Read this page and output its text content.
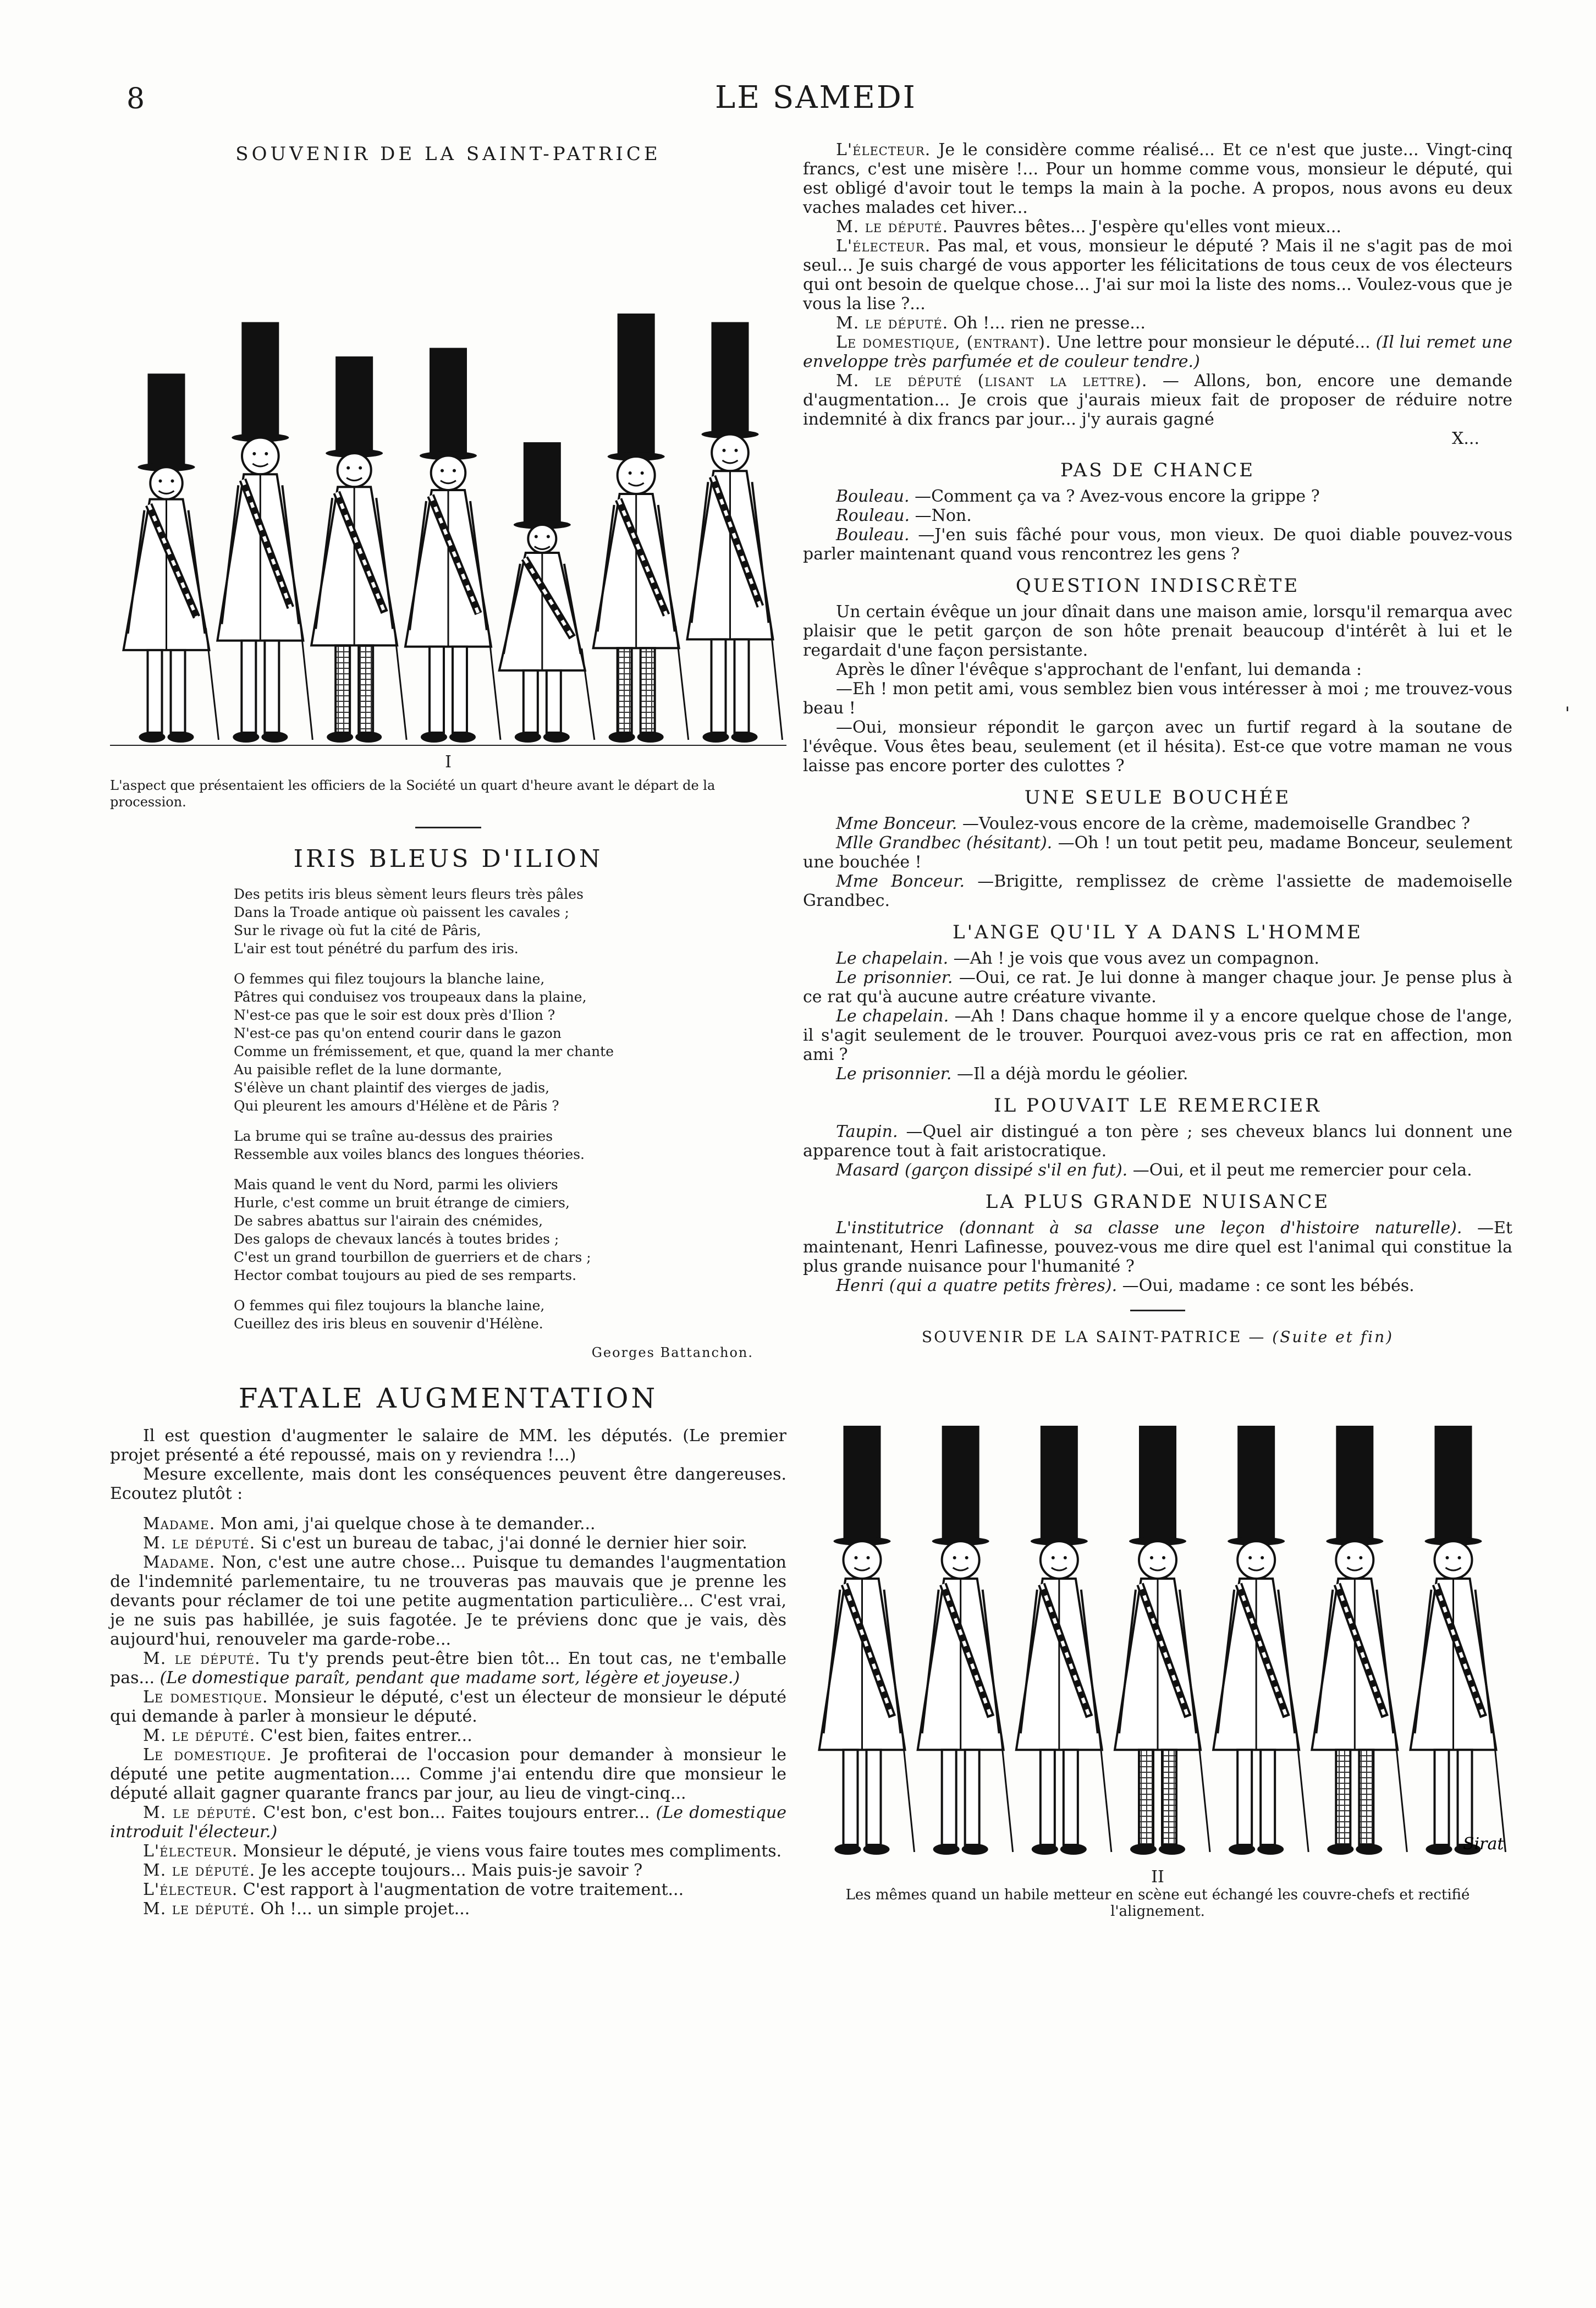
8	LE SAMEDI
SOUVENIR DE LA SAINT-PATRICE
I
L'aspect que présentaient les officiers de la Société un quart d'heure avant le départ de la procession.
IRIS BLEUS D'ILION

Des petits iris bleus sèment leurs fleurs très pâles
Dans la Troade antique où paissent les cavales ;
Sur le rivage où fut la cité de Pâris,
L'air est tout pénétré du parfum des iris.

O femmes qui filez toujours la blanche laine,
Pâtres qui conduisez vos troupeaux dans la plaine,
N'est-ce pas que le soir est doux près d'Ilion ?
N'est-ce pas qu'on entend courir dans le gazon
Comme un frémissement, et que, quand la mer chante
Au paisible reflet de la lune dormante,
S'élève un chant plaintif des vierges de jadis,
Qui pleurent les amours d'Hélène et de Pâris ?

La brume qui se traîne au-dessus des prairies
Ressemble aux voiles blancs des longues théories.

Mais quand le vent du Nord, parmi les oliviers
Hurle, c'est comme un bruit étrange de cimiers,
De sabres abattus sur l'airain des cnémides,
Des galops de chevaux lancés à toutes brides ;
C'est un grand tourbillon de guerriers et de chars ;
Hector combat toujours au pied de ses remparts.

O femmes qui filez toujours la blanche laine,
Cueillez des iris bleus en souvenir d'Hélène.

Georges Battanchon.
FATALE AUGMENTATION

Il est question d'augmenter le salaire de MM. les députés. (Le premier projet présenté a été repoussé, mais on y reviendra !...)

Mesure excellente, mais dont les conséquences peuvent être dangereuses. Ecoutez plutôt :

Madame. Mon ami, j'ai quelque chose à te demander...

M. le député. Si c'est un bureau de tabac, j'ai donné le dernier hier soir.

Madame. Non, c'est une autre chose... Puisque tu demandes l'augmentation de l'indemnité parlementaire, tu ne trouveras pas mauvais que je prenne les devants pour réclamer de toi une petite augmentation particulière... C'est vrai, je ne suis pas habillée, je suis fagotée. Je te préviens donc que je vais, dès aujourd'hui, renouveler ma garde-robe...

M. le député. Tu t'y prends peut-être bien tôt... En tout cas, ne t'emballe pas... (Le domestique paraît, pendant que madame sort, légère et joyeuse.)

Le domestique. Monsieur le député, c'est un électeur de monsieur le député qui demande à parler à monsieur le député.

M. le député. C'est bien, faites entrer...

Le domestique. Je profiterai de l'occasion pour demander à monsieur le député une petite augmentation.... Comme j'ai entendu dire que monsieur le député allait gagner quarante francs par jour, au lieu de vingt-cinq...

M. le député. C'est bon, c'est bon... Faites toujours entrer... (Le domestique introduit l'électeur.)

L'électeur. Monsieur le député, je viens vous faire toutes mes compliments.

M. le député. Je les accepte toujours... Mais puis-je savoir ?

L'électeur. C'est rapport à l'augmentation de votre traitement...

M. le député. Oh !... un simple projet...

L'électeur. Je le considère comme réalisé... Et ce n'est que juste... Vingt-cinq francs, c'est une misère !... Pour un homme comme vous, monsieur le député, qui est obligé d'avoir tout le temps la main à la poche. A propos, nous avons eu deux vaches malades cet hiver...

M. le député. Pauvres bêtes... J'espère qu'elles vont mieux...

L'électeur. Pas mal, et vous, monsieur le député ? Mais il ne s'agit pas de moi seul... Je suis chargé de vous apporter les félicitations de tous ceux de vos électeurs qui ont besoin de quelque chose... J'ai sur moi la liste des noms... Voulez-vous que je vous la lise ?...

M. le député. Oh !... rien ne presse...

Le domestique, (entrant). Une lettre pour monsieur le député... (Il lui remet une enveloppe très parfumée et de couleur tendre.)

M. le député (lisant la lettre). — Allons, bon, encore une demande d'augmentation... Je crois que j'aurais mieux fait de proposer de réduire notre indemnité à dix francs par jour... j'y aurais gagné

X...
PAS DE CHANCE

Bouleau. —Comment ça va ? Avez-vous encore la grippe ?

Rouleau. —Non.

Bouleau. —J'en suis fâché pour vous, mon vieux. De quoi diable pouvez-vous parler maintenant quand vous rencontrez les gens ?

QUESTION INDISCRÈTE

Un certain évêque un jour dînait dans une maison amie, lorsqu'il remarqua avec plaisir que le petit garçon de son hôte prenait beaucoup d'intérêt à lui et le regardait d'une façon persistante.

Après le dîner l'évêque s'approchant de l'enfant, lui demanda :

—Eh ! mon petit ami, vous semblez bien vous intéresser à moi ; me trouvez-vous beau !

—Oui, monsieur répondit le garçon avec un furtif regard à la soutane de l'évêque. Vous êtes beau, seulement (et il hésita). Est-ce que votre maman ne vous laisse pas encore porter des culottes ?

UNE SEULE BOUCHÉE

Mme Bonceur. —Voulez-vous encore de la crème, mademoiselle Grandbec ?

Mlle Grandbec (hésitant). —Oh ! un tout petit peu, madame Bonceur, seulement une bouchée !

Mme Bonceur. —Brigitte, remplissez de crème l'assiette de mademoiselle Grandbec.

L'ANGE QU'IL Y A DANS L'HOMME

Le chapelain. —Ah ! je vois que vous avez un compagnon.

Le prisonnier. —Oui, ce rat. Je lui donne à manger chaque jour. Je pense plus à ce rat qu'à aucune autre créature vivante.

Le chapelain. —Ah ! Dans chaque homme il y a encore quelque chose de l'ange, il s'agit seulement de le trouver. Pourquoi avez-vous pris ce rat en affection, mon ami ?

Le prisonnier. —Il a déjà mordu le géolier.

IL POUVAIT LE REMERCIER

Taupin. —Quel air distingué a ton père ; ses cheveux blancs lui donnent une apparence tout à fait aristocratique.

Masard (garçon dissipé s'il en fut). —Oui, et il peut me remercier pour cela.

LA PLUS GRANDE NUISANCE

L'institutrice (donnant à sa classe une leçon d'histoire naturelle). —Et maintenant, Henri Lafinesse, pouvez-vous me dire quel est l'animal qui constitue la plus grande nuisance pour l'humanité ?

Henri (qui a quatre petits frères). —Oui, madame : ce sont les bébés.

SOUVENIR DE LA SAINT-PATRICE — (Suite et fin)
Sirat
II
Les mêmes quand un habile metteur en scène eut échangé les couvre-chefs et rectifié l'alignement.
ˈ
